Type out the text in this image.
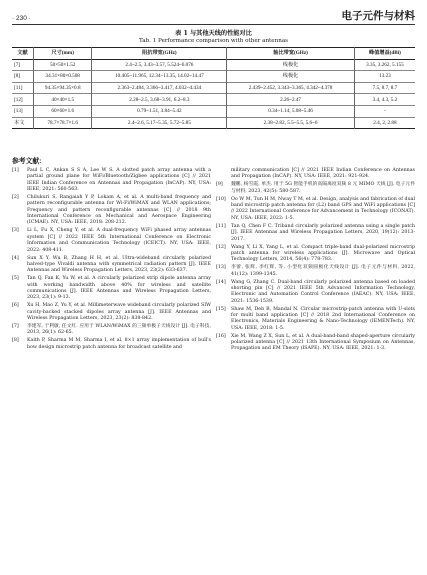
· 230 ·	电子元件与材料
表 1 与其他天线的性能对比
Tab. 1 Performance comparison with other antennas
文献	尺寸(mm)	阻抗带宽(GHz)	轴比带宽(GHz)	峰值增益(dBi)
[7]	50×50×1.52	2.4~2.5, 3.43~3.57, 5.524~6.076	线极化	3.35, 3.262, 5.155
[8]	34.31×80×0.508	10.405~11.965, 12.34~13.35, 14.02~14.47	线极化	13.23
[11]	94.35×94.35×0.8	2.363~2.484, 3.366~3.417, 4.032~4.434	2.439~2.452, 3.343~3.365, 4.342~4.378	7.5, 8.7, 8.7
[12]	40×40×1.5	2.28~2.5, 3.68~3.91, 6.2~8.3	2.26~2.47	3.4, 4.3, 5.2
[13]	60×60×1.6	0.79~1.51, 3.84~5.42	0.34~1.14, 5.08~5.46	-
本文	78.7×78.7×1.6	2.4~2.6, 5.17~5.35, 5.72~5.85	2.38~2.82, 5.5~5.5, 5.6~6	2.4, 2, 2.88
参考文献:
[1]	Paul L C, Ankan S S A, Lee W S. A slotted patch array antenna with a partial ground plane for WiFi/Bluetooth/Zigbee applications [C] // 2021 IEEE Indian Conference on Antennas and Propagation (InCAP). NY, USA: IEEE, 2021: 560-563.
[2]	Chilukuri S, Rangaiah Y P, Lokam A, et al. A multi-band frequency and pattern reconfigurable antenna for Wi-Fi/WiMAX and WLAN applications; Frequency and pattern reconfigurable antennas [C] // 2018 9th International Conference on Mechanical and Aerospace Engineering (ICMAE). NY, USA: IEEE, 2018: 208-212.
[3]	Li L, Fu X, Cheng Y, et al. A dual-frequency WiFi phased array antennas system [C] // 2022 IEEE 5th International Conference on Electronic Information and Communication Technology (ICEICT). NY, USA: IEEE, 2022: 408-411.
[4]	Sun X Y, Wu B, Zhang H H, et al. Ultra-wideband circularly polarized halved-type Vivaldi antenna with symmetrical radiation pattern [J]. IEEE Antennas and Wireless Propagation Letters, 2023, 23(2): 633-637.
[5]	Tan Q, Fan K, Yu W, et al. A circularly polarized strip dipole antenna array with working bandwidth above 40% for wireless and satellite communications [J]. IEEE Antennas and Wireless Propagation Letters, 2023, 23(1): 9-13.
[6]	Xu H, Mao Z, Yu Y, et al. Millimeterwave wideband circularly polarized SIW cavity-backed stacked dipoles array antenna [J]. IEEE Antennas and Wireless Propagation Letters, 2023, 23(2): 838-842.
[7]	李建军, 于利敏, 任文红. 应用于 WLAN/WiMAX 的三频单极子天线设计 [J]. 电子科技, 2013, 26(1): 62-65.
[8]	Kaith P, Sharma M M, Sharma I, et al. 8×1 array implementation of bull's bow design microstrip patch antenna for broadcast satellite and
military communication [C] // 2021 IEEE Indian Conference on Antennas and Propagation (InCAP). NY, USA: IEEE, 2021: 921-924.
[9]	魏鹏, 杨雪霞, 单杰. 用于 5G 智能手机的高隔离度双频 8 元 MIMO 天线 [J]. 电子元件与材料, 2023, 42(5): 580-587.
[10]	Oo W M, Tun H M, Nway T M, et al. Design, analysis and fabrication of dual band microstrip patch antenna for (L2) band GPS and WiFi applications [C] // 2022 International Conference for Advancement in Technology (ICONAT). NY, USA: IEEE, 2022: 1-5.
[11]	Tan Q, Chen F C. Triband circularly polarized antenna using a single patch [J]. IEEE Antennas and Wireless Propagation Letters, 2020, 19(12): 2013-2017.
[12]	Wang Y, Li X, Yang L, et al. Compact triple-band dual-polarized microstrip patch antenna for wireless applications [J]. Microwave and Optical Technology Letters, 2014, 56(4): 778-783.
[13]	李蕾, 张辉, 李红辉, 等. 小型化双频圆极化天线设计 [J]. 电子元件与材料, 2022, 41(12): 1399-1345.
[14]	Wang G, Zhang C. Dual-band circularly polarized antenna based on loaded shorting pin [C] // 2021 IEEE 5th Advanced Information Technology, Electronic and Automation Control Conference (IAEAC). NY, USA: IEEE, 2021: 1536-1539.
[15]	Shaw M, Deb B, Mandal N. Circular microstrip-patch antenna with U-slots for multi band application [C] // 2018 2nd International Conference on Electronics, Materials Engineering & Nano-Technology (IEMENTech). NY, USA: IEEE, 2018: 1-5.
[16]	Xie M, Wang Z X, Sun L, et al. A dual-band-band shaped-aperture circularly polarized antenna [C] // 2021 13th International Symposium on Antennas, Propagation and EM Theory (ISAPE). NY, USA: IEEE, 2021: 1-3.
